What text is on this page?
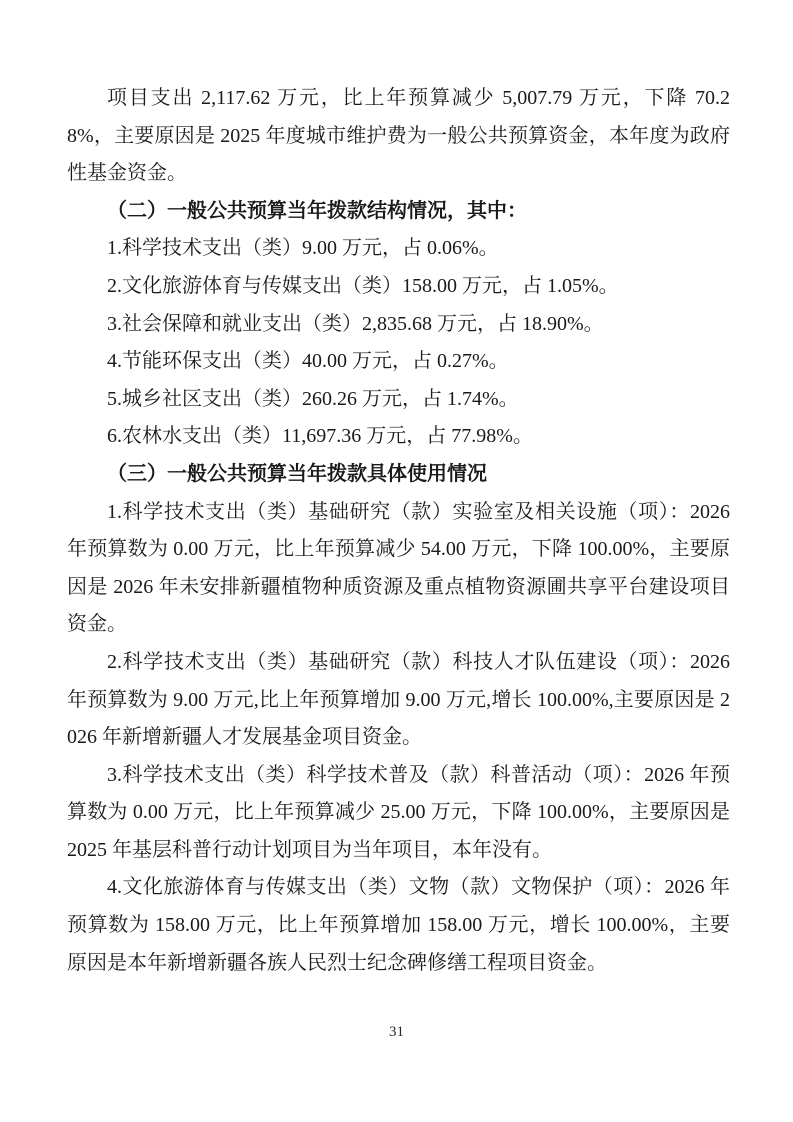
项目支出 2,117.62 万元，比上年预算减少 5,007.79 万元，下降 70.28%，主要原因是 2025 年度城市维护费为一般公共预算资金，本年度为政府性基金资金。

（二）一般公共预算当年拨款结构情况，其中：

1.科学技术支出（类）9.00 万元，占 0.06%。

2.文化旅游体育与传媒支出（类）158.00 万元，占 1.05%。

3.社会保障和就业支出（类）2,835.68 万元，占 18.90%。

4.节能环保支出（类）40.00 万元，占 0.27%。

5.城乡社区支出（类）260.26 万元，占 1.74%。

6.农林水支出（类）11,697.36 万元，占 77.98%。

（三）一般公共预算当年拨款具体使用情况

1.科学技术支出（类）基础研究（款）实验室及相关设施（项）：2026 年预算数为 0.00 万元，比上年预算减少 54.00 万元，下降 100.00%，主要原因是 2026 年未安排新疆植物种质资源及重点植物资源圃共享平台建设项目资金。

2.科学技术支出（类）基础研究（款）科技人才队伍建设（项）：2026 年预算数为 9.00 万元,比上年预算增加 9.00 万元,增长 100.00%,主要原因是 2026 年新增新疆人才发展基金项目资金。

3.科学技术支出（类）科学技术普及（款）科普活动（项）：2026 年预算数为 0.00 万元，比上年预算减少 25.00 万元，下降 100.00%，主要原因是 2025 年基层科普行动计划项目为当年项目，本年没有。

4.文化旅游体育与传媒支出（类）文物（款）文物保护（项）：2026 年预算数为 158.00 万元，比上年预算增加 158.00 万元，增长 100.00%，主要原因是本年新增新疆各族人民烈士纪念碑修缮工程项目资金。

31
